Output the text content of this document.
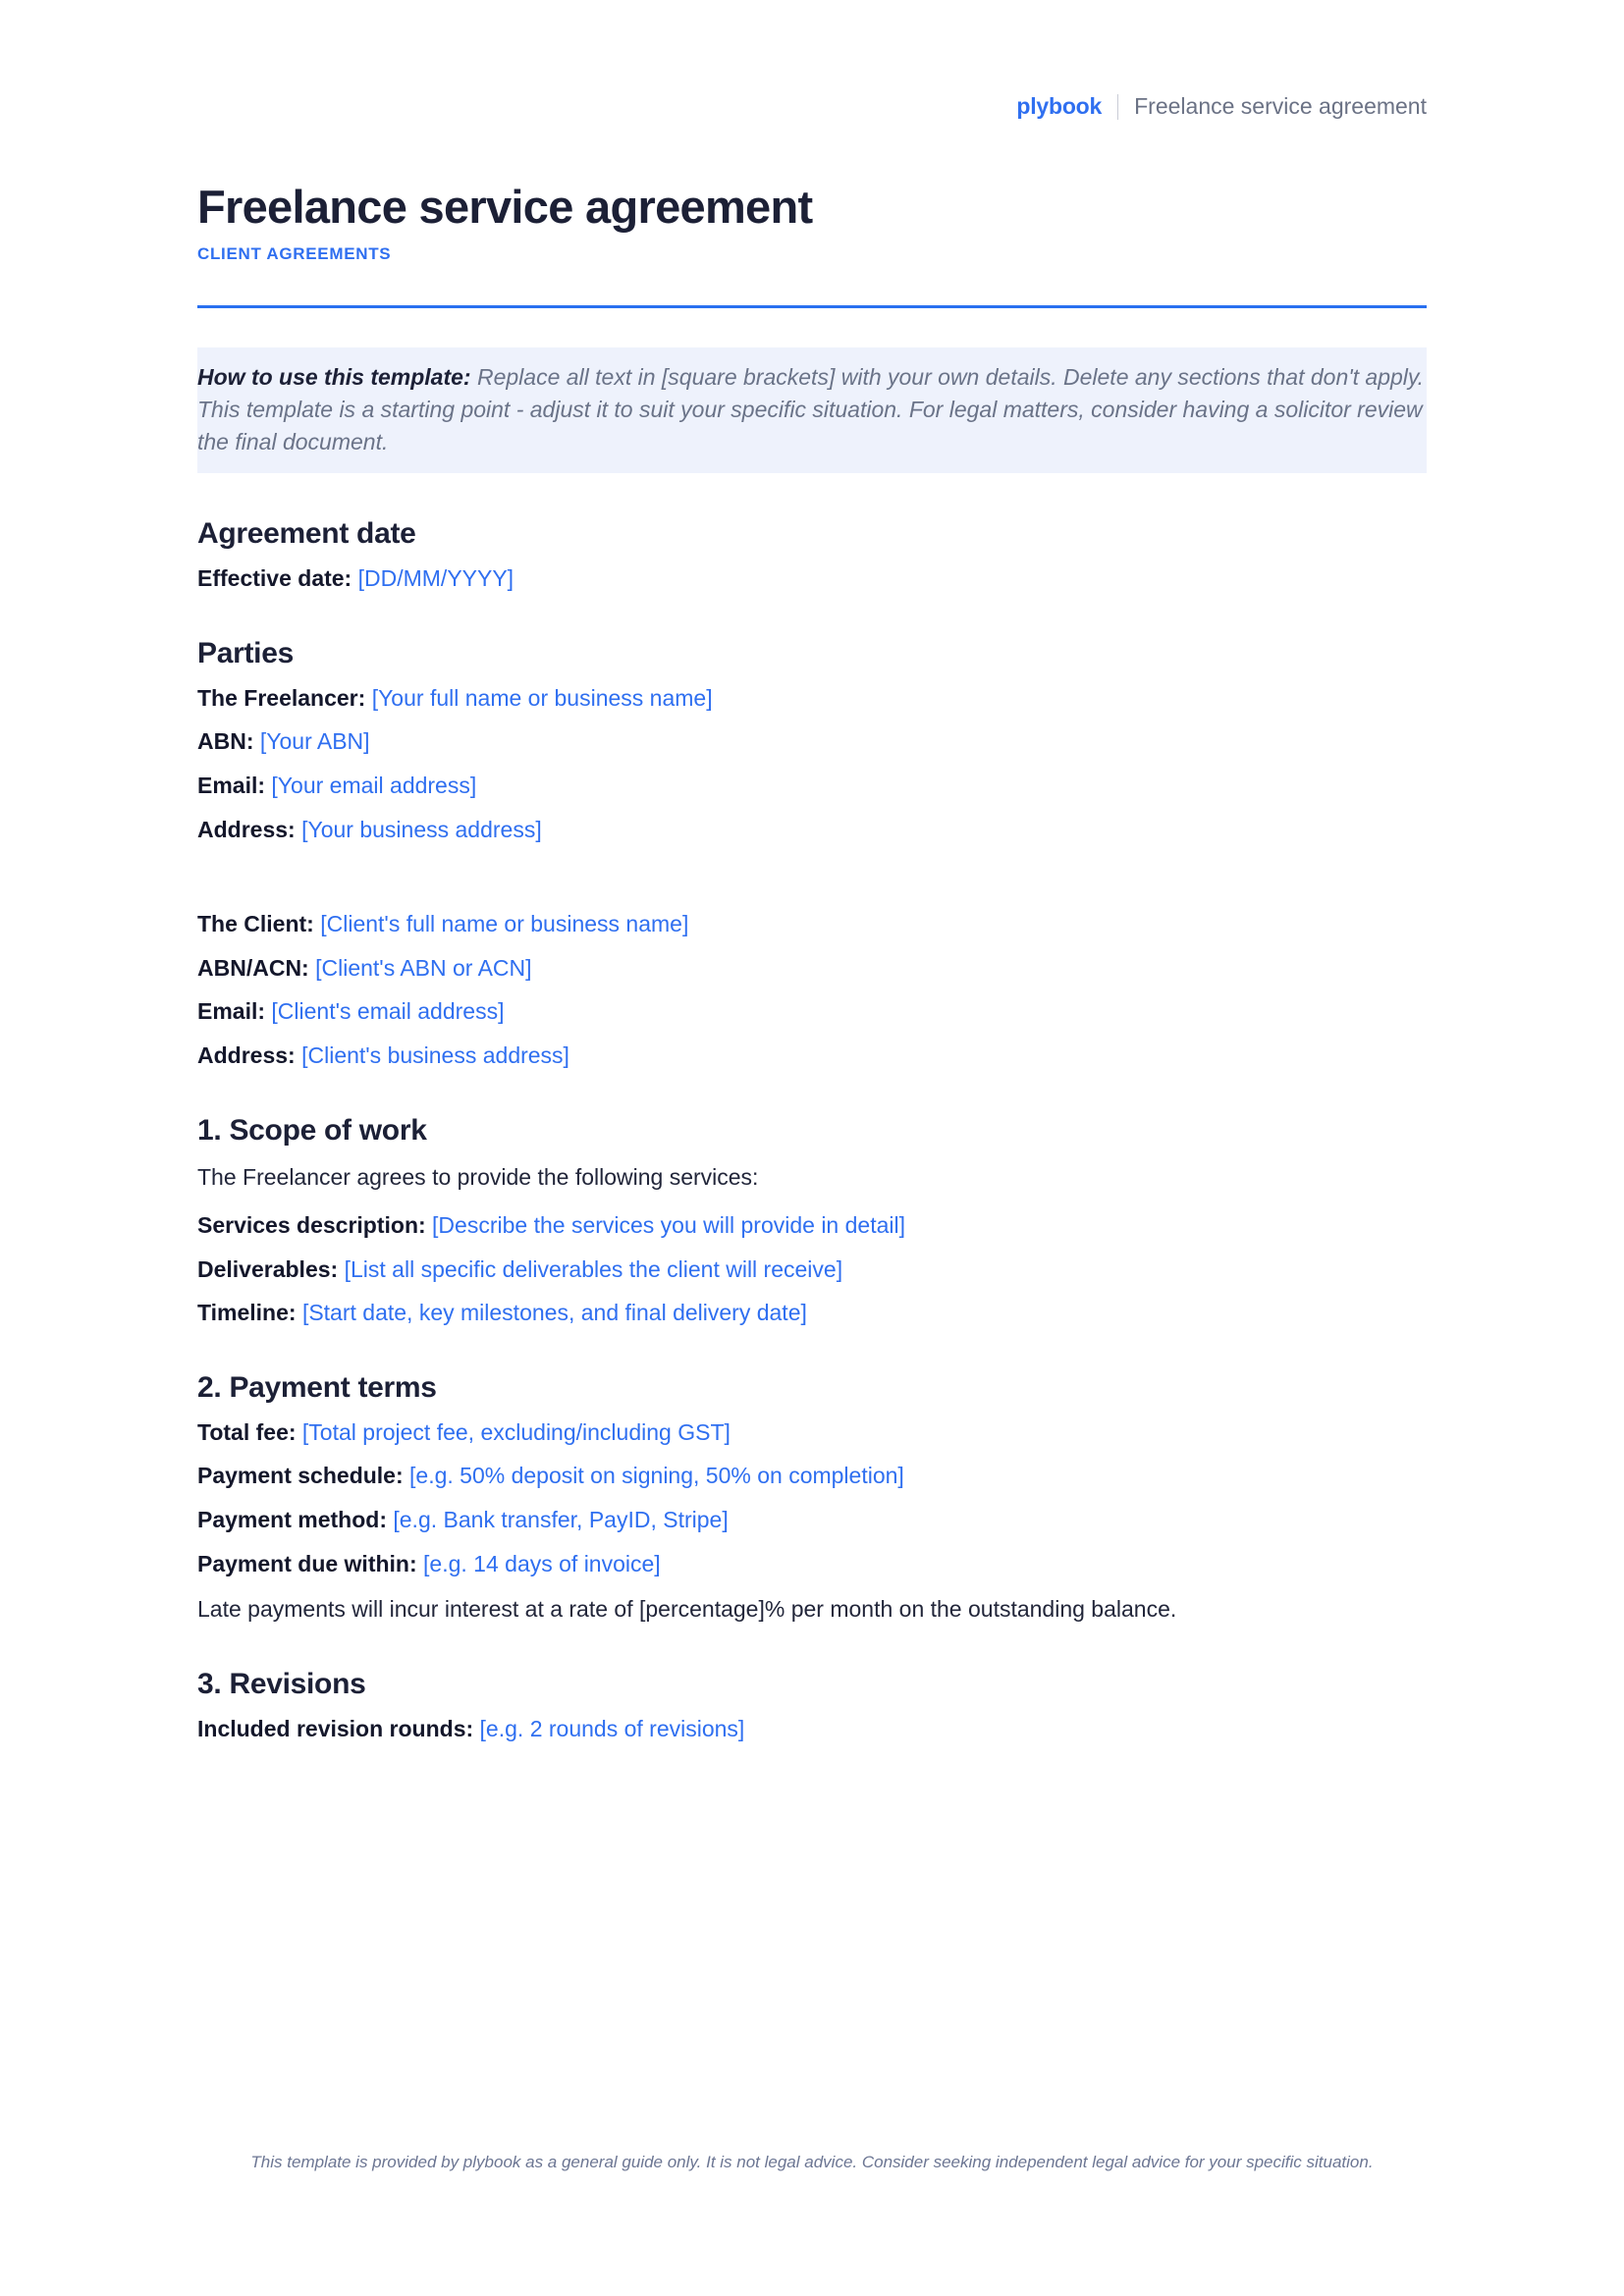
plybook Freelance service agreement
Freelance service agreement
CLIENT AGREEMENTS
How to use this template: Replace all text in [square brackets] with your own details. Delete any sections that don't apply. This template is a starting point - adjust it to suit your specific situation. For legal matters, consider having a solicitor review the final document.
Agreement date
Effective date: [DD/MM/YYYY]
Parties
The Freelancer: [Your full name or business name]
ABN: [Your ABN]
Email: [Your email address]
Address: [Your business address]
The Client: [Client's full name or business name]
ABN/ACN: [Client's ABN or ACN]
Email: [Client's email address]
Address: [Client's business address]
1. Scope of work
The Freelancer agrees to provide the following services:
Services description: [Describe the services you will provide in detail]
Deliverables: [List all specific deliverables the client will receive]
Timeline: [Start date, key milestones, and final delivery date]
2. Payment terms
Total fee: [Total project fee, excluding/including GST]
Payment schedule: [e.g. 50% deposit on signing, 50% on completion]
Payment method: [e.g. Bank transfer, PayID, Stripe]
Payment due within: [e.g. 14 days of invoice]
Late payments will incur interest at a rate of [percentage]% per month on the outstanding balance.
3. Revisions
Included revision rounds: [e.g. 2 rounds of revisions]
This template is provided by plybook as a general guide only. It is not legal advice. Consider seeking independent legal advice for your specific situation.
